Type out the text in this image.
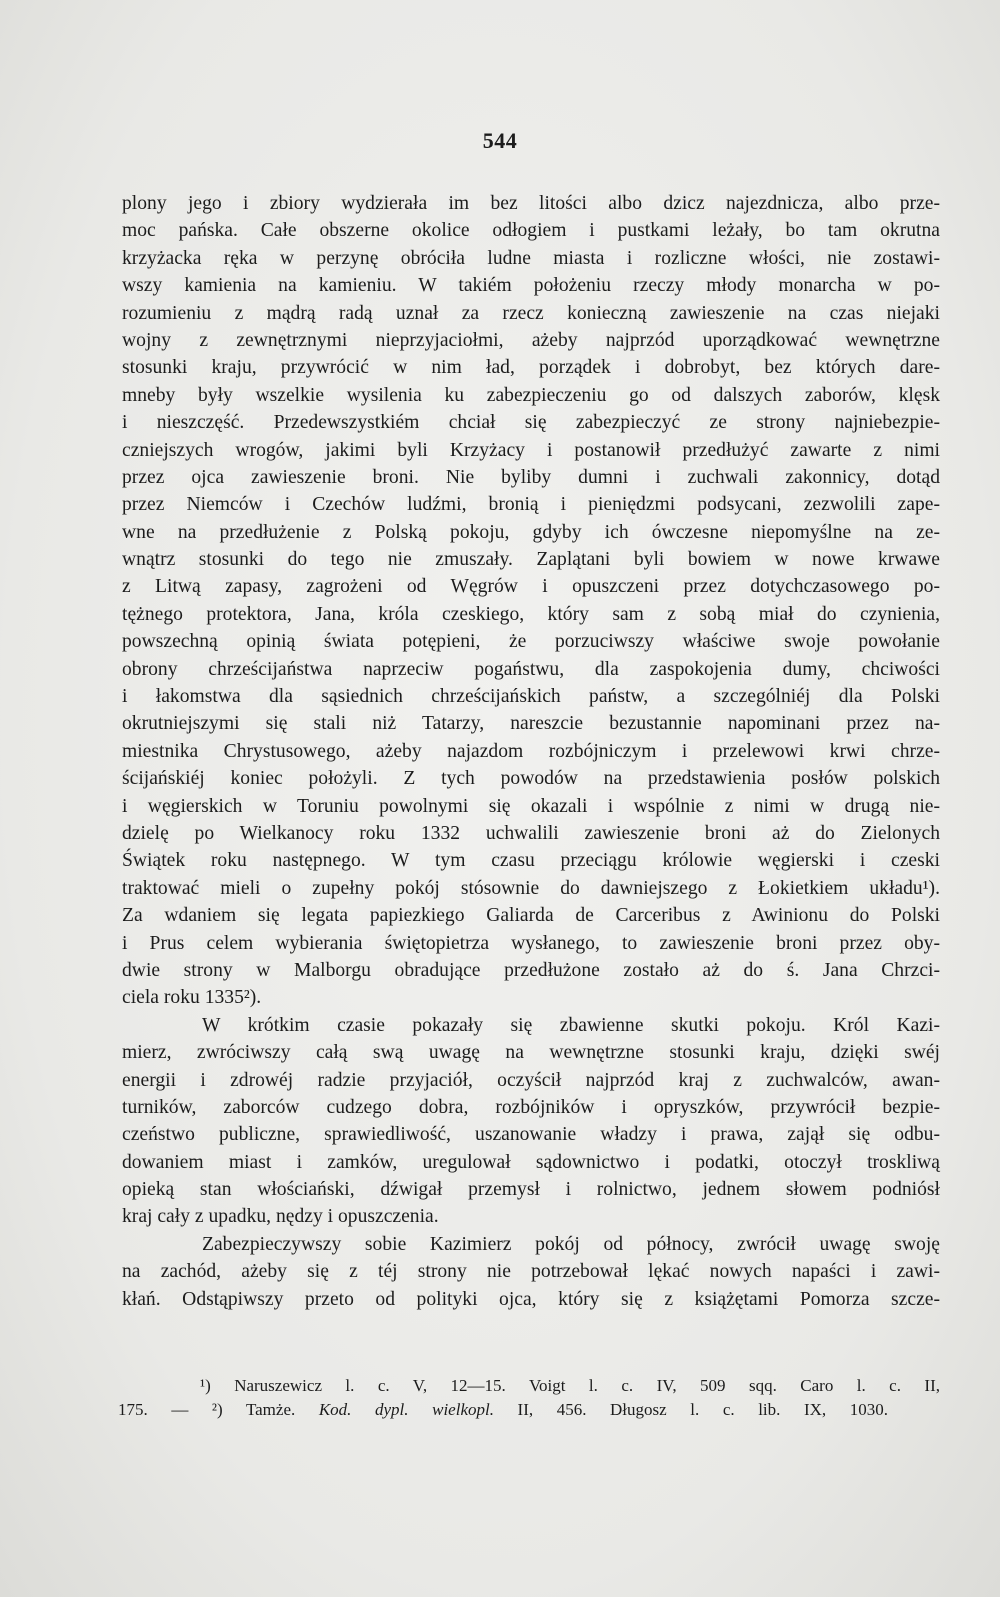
544
plony jego i zbiory wydzierała im bez litości albo dzicz najezdnicza, albo prze-
moc pańska. Całe obszerne okolice odłogiem i pustkami leżały, bo tam okrutna
krzyżacka ręka w perzynę obróciła ludne miasta i rozliczne włości, nie zostawi-
wszy kamienia na kamieniu. W takiém położeniu rzeczy młody monarcha w po-
rozumieniu z mądrą radą uznał za rzecz konieczną zawieszenie na czas niejaki
wojny z zewnętrznymi nieprzyjaciołmi, ażeby najprzód uporządkować wewnętrzne
stosunki kraju, przywrócić w nim ład, porządek i dobrobyt, bez których dare-
mneby były wszelkie wysilenia ku zabezpieczeniu go od dalszych zaborów, klęsk
i nieszczęść. Przedewszystkiém chciał się zabezpieczyć ze strony najniebezpie-
czniejszych wrogów, jakimi byli Krzyżacy i postanowił przedłużyć zawarte z nimi
przez ojca zawieszenie broni. Nie byliby dumni i zuchwali zakonnicy, dotąd
przez Niemców i Czechów ludźmi, bronią i pieniędzmi podsycani, zezwolili zape-
wne na przedłużenie z Polską pokoju, gdyby ich ówczesne niepomyślne na ze-
wnątrz stosunki do tego nie zmuszały. Zaplątani byli bowiem w nowe krwawe
z Litwą zapasy, zagrożeni od Węgrów i opuszczeni przez dotychczasowego po-
tężnego protektora, Jana, króla czeskiego, który sam z sobą miał do czynienia,
powszechną opinią świata potępieni, że porzuciwszy właściwe swoje powołanie
obrony chrześcijaństwa naprzeciw pogaństwu, dla zaspokojenia dumy, chciwości
i łakomstwa dla sąsiednich chrześcijańskich państw, a szczególniéj dla Polski
okrutniejszymi się stali niż Tatarzy, nareszcie bezustannie napominani przez na-
miestnika Chrystusowego, ażeby najazdom rozbójniczym i przelewowi krwi chrze-
ścijańskiéj koniec położyli. Z tych powodów na przedstawienia posłów polskich
i węgierskich w Toruniu powolnymi się okazali i wspólnie z nimi w drugą nie-
dzielę po Wielkanocy roku 1332 uchwalili zawieszenie broni aż do Zielonych
Świątek roku następnego. W tym czasu przeciągu królowie węgierski i czeski
traktować mieli o zupełny pokój stósownie do dawniejszego z Łokietkiem układu¹).
Za wdaniem się legata papiezkiego Galiarda de Carceribus z Awinionu do Polski
i Prus celem wybierania świętopietrza wysłanego, to zawieszenie broni przez oby-
dwie strony w Malborgu obradujące przedłużone zostało aż do ś. Jana Chrzci-
ciela roku 1335²).
W krótkim czasie pokazały się zbawienne skutki pokoju. Król Kazi-
mierz, zwróciwszy całą swą uwagę na wewnętrzne stosunki kraju, dzięki swéj
energii i zdrowéj radzie przyjaciół, oczyścił najprzód kraj z zuchwalców, awan-
turników, zaborców cudzego dobra, rozbójników i opryszków, przywrócił bezpie-
czeństwo publiczne, sprawiedliwość, uszanowanie władzy i prawa, zajął się odbu-
dowaniem miast i zamków, uregulował sądownictwo i podatki, otoczył troskliwą
opieką stan włościański, dźwigał przemysł i rolnictwo, jednem słowem podniósł
kraj cały z upadku, nędzy i opuszczenia.
Zabezpieczywszy sobie Kazimierz pokój od północy, zwrócił uwagę swoję
na zachód, ażeby się z téj strony nie potrzebował lękać nowych napaści i zawi-
kłań. Odstąpiwszy przeto od polityki ojca, który się z książętami Pomorza szcze-
¹) Naruszewicz l. c. V, 12—15. Voigt l. c. IV, 509 sqq. Caro l. c. II,
175. — ²) Tamże. Kod. dypl. wielkopl. II, 456. Długosz l. c. lib. IX, 1030.
